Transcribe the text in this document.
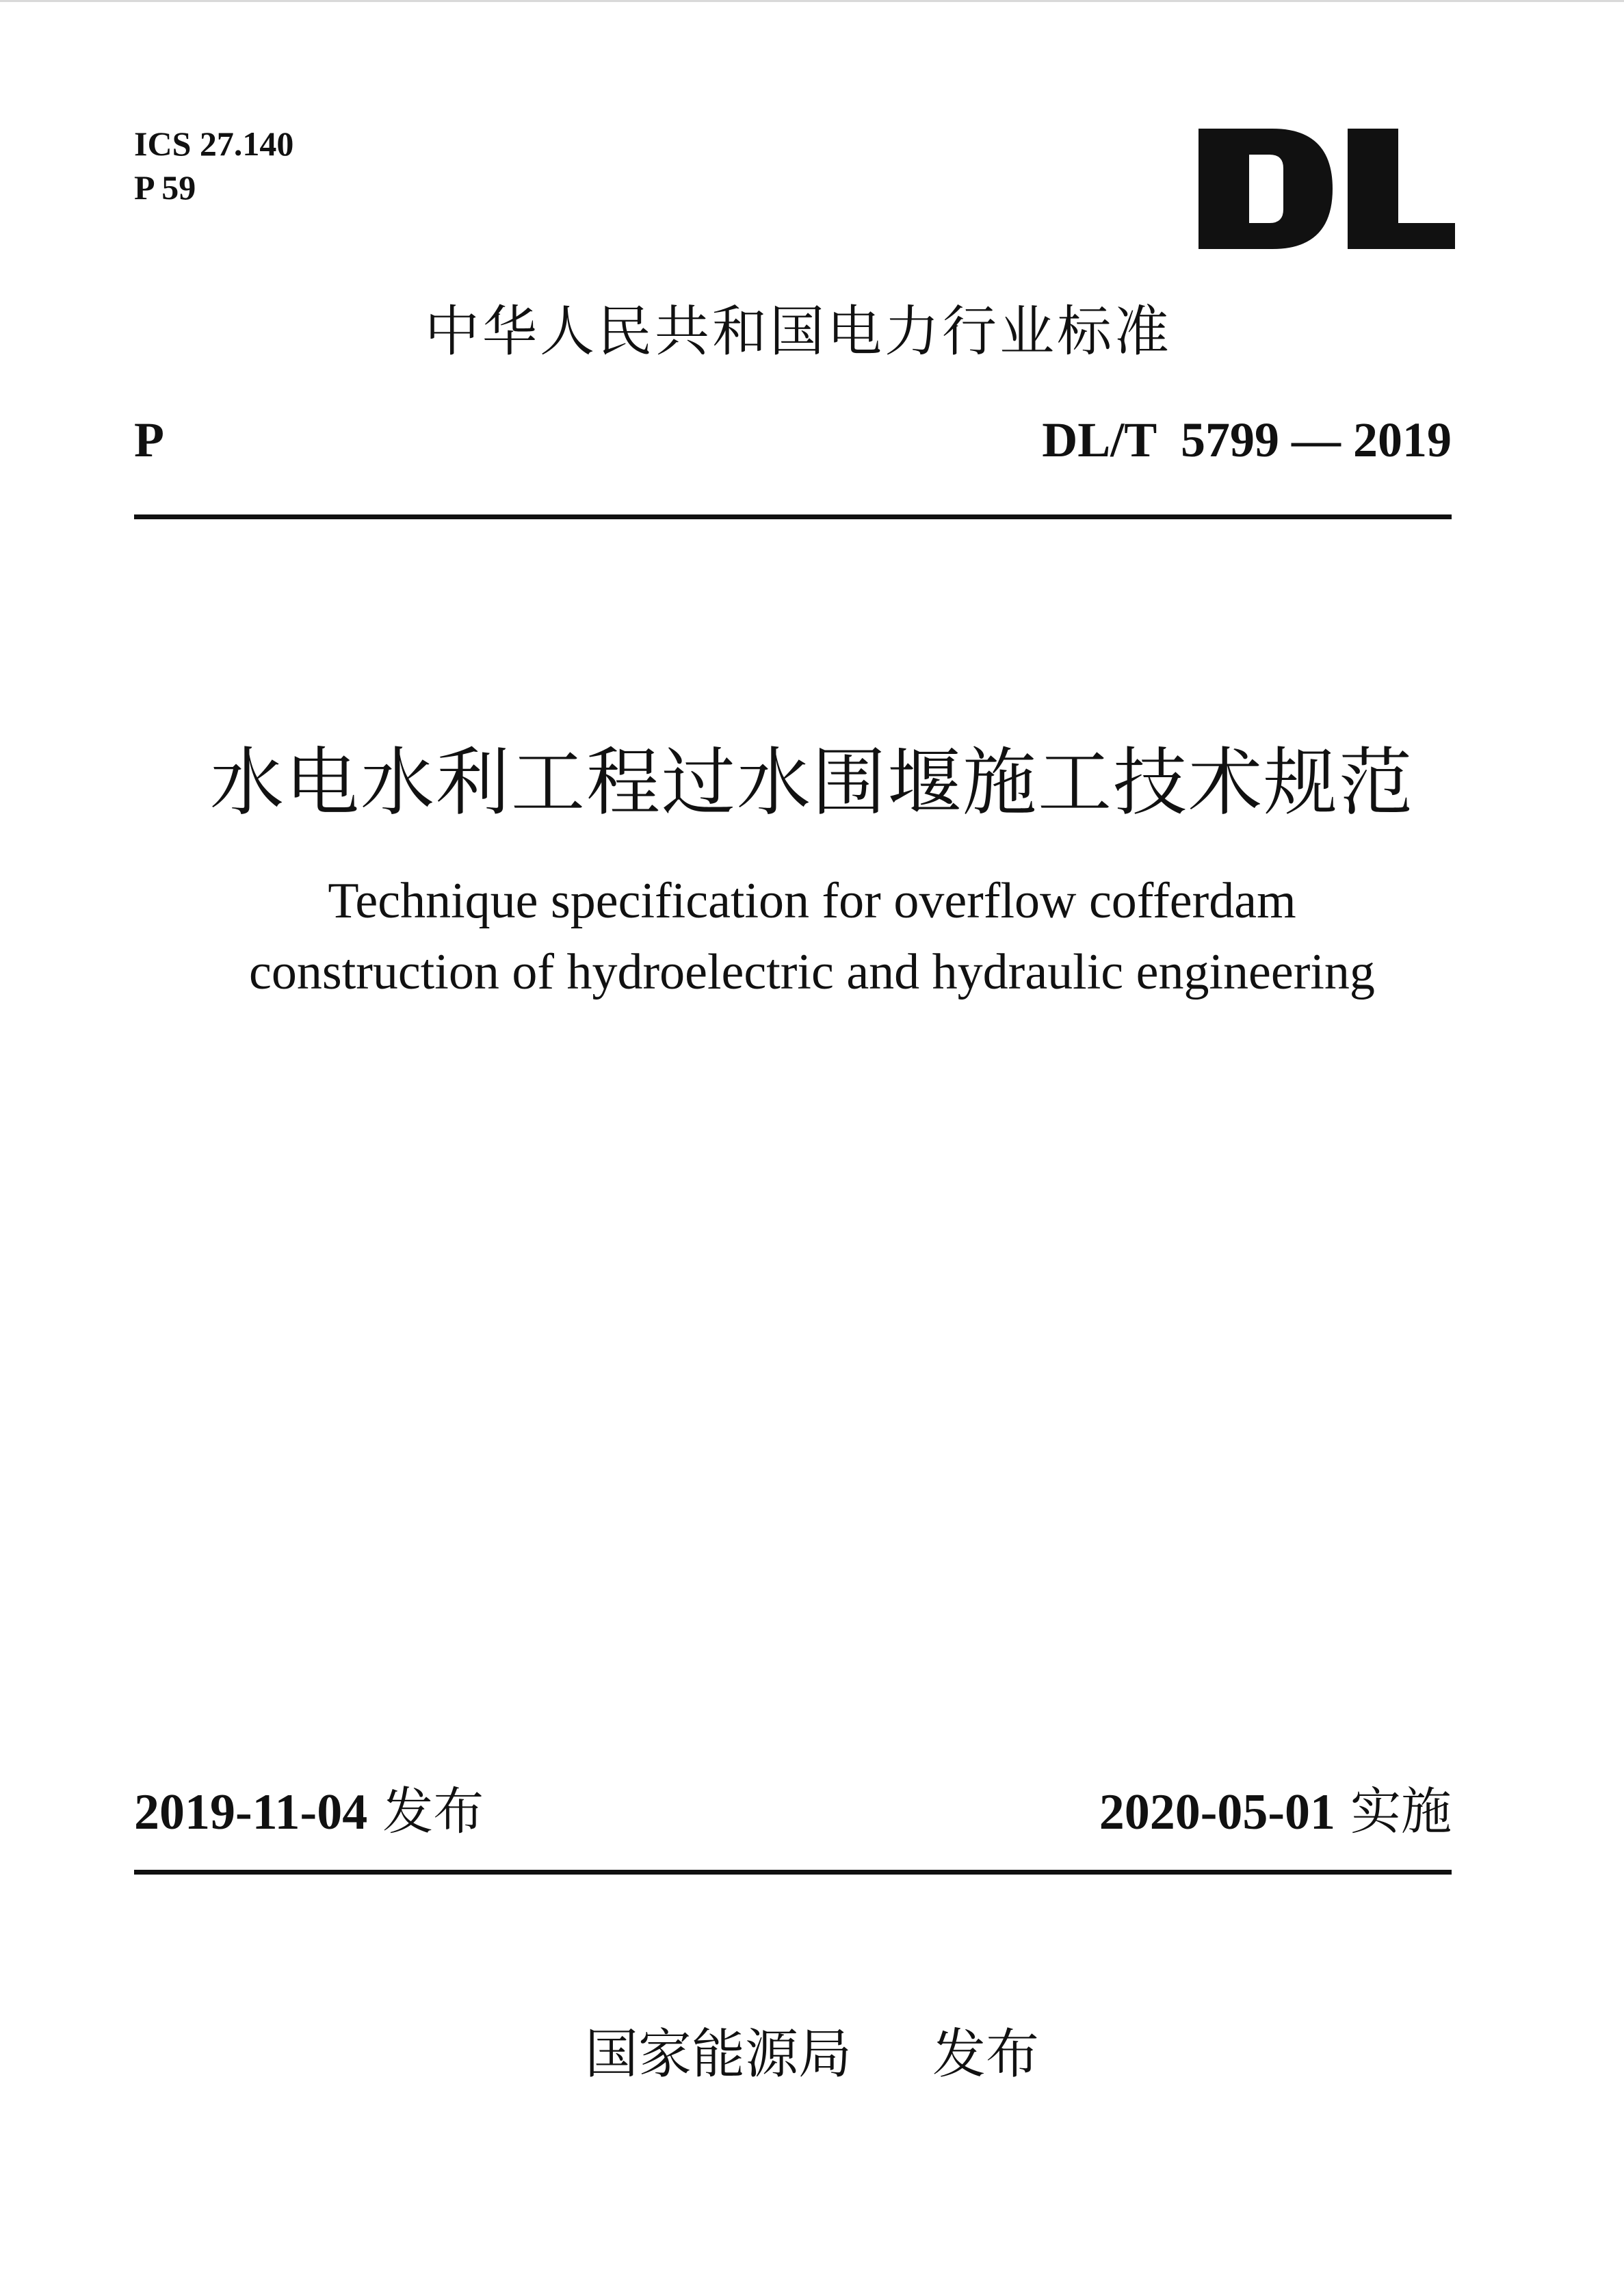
ICS 27.140
P 59
中华人民共和国电力行业标准
P	DL/T  5799 — 2019
水电水利工程过水围堰施工技术规范
Technique specification for overflow cofferdam
construction of hydroelectric and hydraulic engineering
2019-11-04 发布	2020-05-01 实施
国家能源局 发布
